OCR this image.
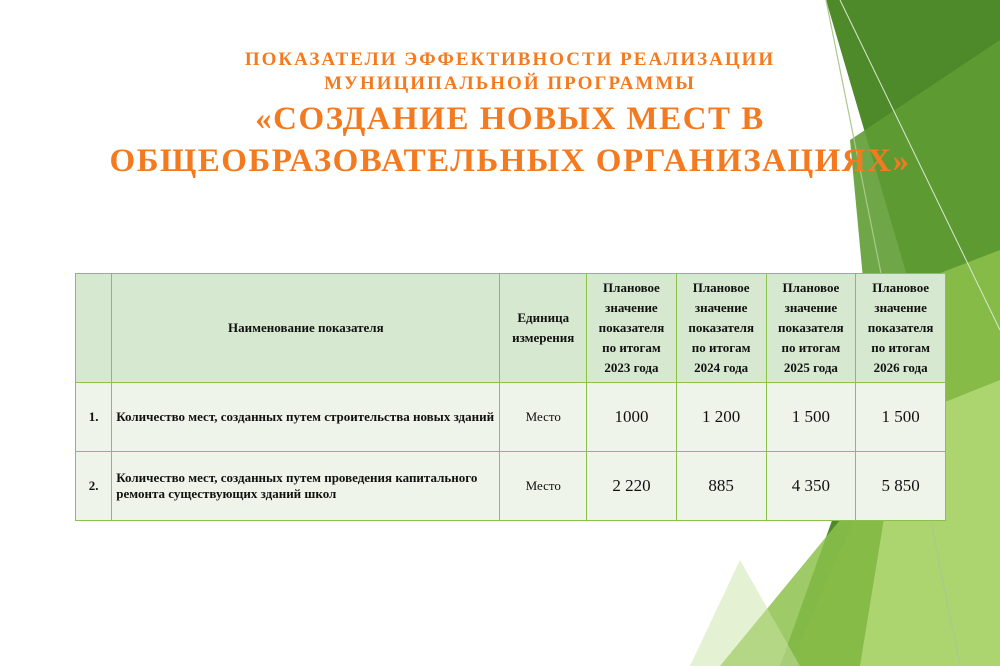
ПОКАЗАТЕЛИ ЭФФЕКТИВНОСТИ РЕАЛИЗАЦИИ
МУНИЦИПАЛЬНОЙ ПРОГРАММЫ
«СОЗДАНИЕ НОВЫХ МЕСТ В
ОБЩЕОБРАЗОВАТЕЛЬНЫХ ОРГАНИЗАЦИЯХ»
	Наименование показателя	Единица измерения	Плановое значение показателя по итогам 2023 года	Плановое значение показателя по итогам 2024 года	Плановое значение показателя по итогам 2025 года	Плановое значение показателя по итогам 2026 года
1.	Количество мест, созданных путем строительства новых зданий	Место	1000	1 200	1 500	1 500
2.	Количество мест, созданных путем проведения капитального ремонта существующих зданий школ	Место	2 220	885	4 350	5 850
